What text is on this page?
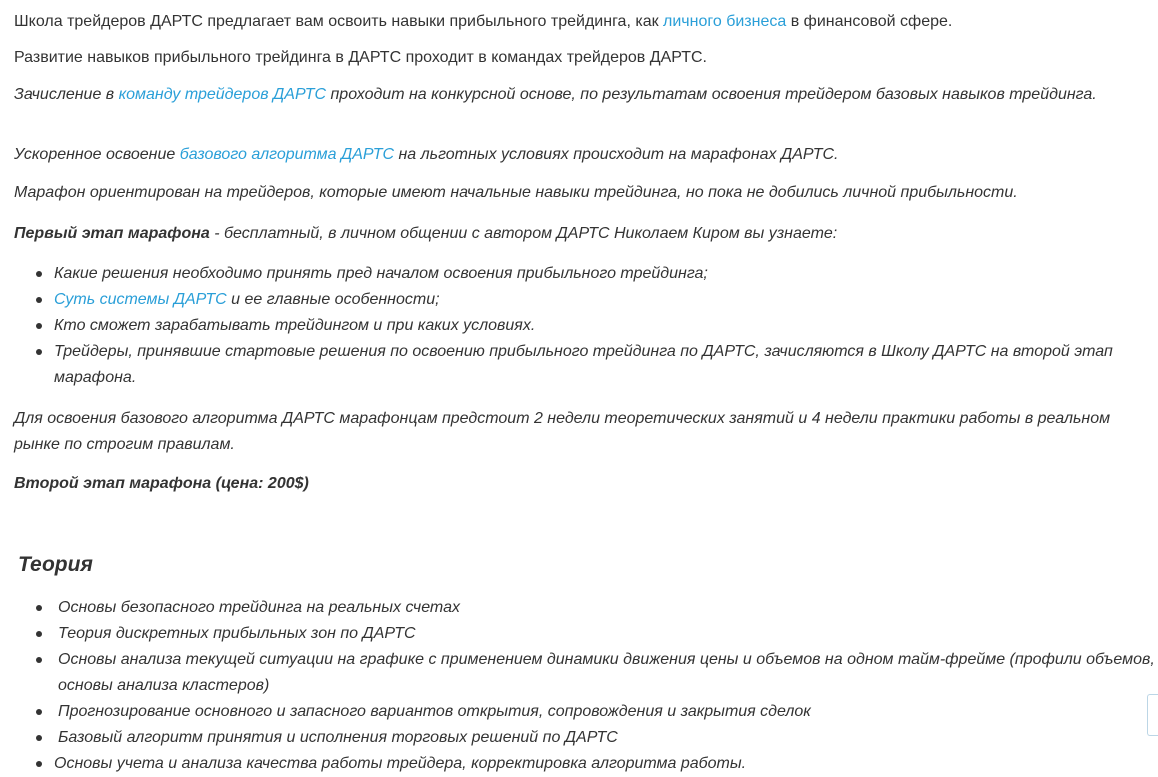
Школа трейдеров ДАРТС предлагает вам освоить навыки прибыльного трейдинга, как личного бизнеса в финансовой сфере.

Развитие навыков прибыльного трейдинга в ДАРТС проходит в командах трейдеров ДАРТС.

Зачисление в команду трейдеров ДАРТС проходит на конкурсной основе, по результатам освоения трейдером базовых навыков трейдинга.

Ускоренное освоение базового алгоритма ДАРТС на льготных условиях происходит на марафонах ДАРТС.

Марафон ориентирован на трейдеров, которые имеют начальные навыки трейдинга, но пока не добились личной прибыльности.

Первый этап марафона - бесплатный, в личном общении с автором ДАРТС Николаем Киром вы узнаете:

Какие решения необходимо принять пред началом освоения прибыльного трейдинга;
Суть системы ДАРТС и ее главные особенности;
Кто сможет зарабатывать трейдингом и при каких условиях.
Трейдеры, принявшие стартовые решения по освоению прибыльного трейдинга по ДАРТС, зачисляются в Школу ДАРТС на второй этап марафона.

Для освоения базового алгоритма ДАРТС марафонцам предстоит 2 недели теоретических занятий и 4 недели практики работы в реальном рынке по строгим правилам.

Второй этап марафона (цена: 200$)

Теория
Основы безопасного трейдинга на реальных счетах
Теория дискретных прибыльных зон по ДАРТС
Основы анализа текущей ситуации на графике с применением динамики движения цены и объемов на одном тайм-фрейме (профили объемов, основы анализа кластеров)
Прогнозирование основного и запасного вариантов открытия, сопровождения и закрытия сделок
Базовый алгоритм принятия и исполнения торговых решений по ДАРТС
Основы учета и анализа качества работы трейдера, корректировка алгоритма работы.
